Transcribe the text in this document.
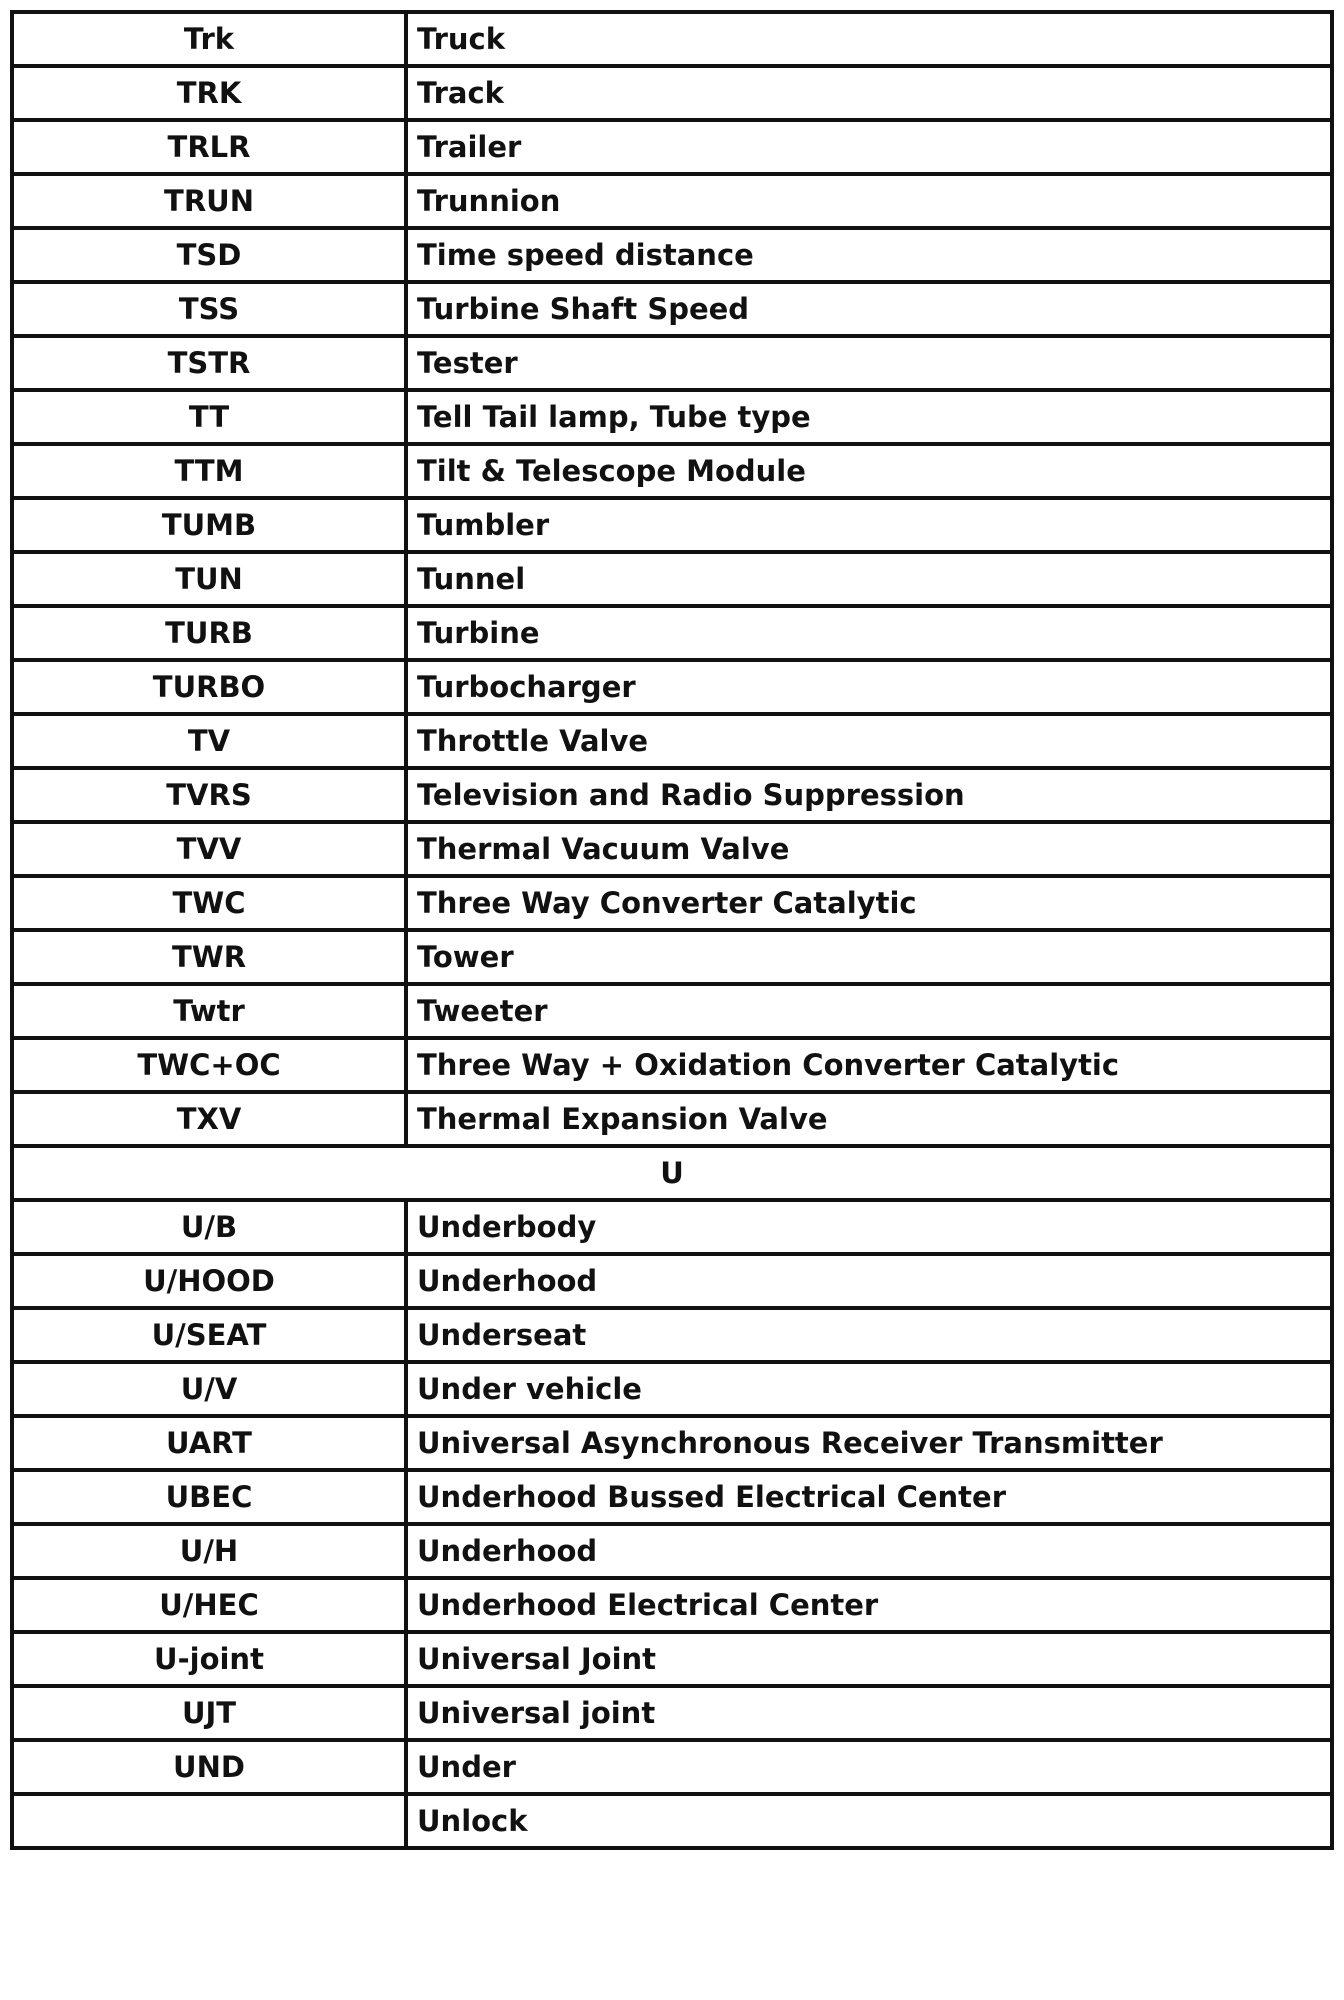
Trk	Truck
TRK	Track
TRLR	Trailer
TRUN	Trunnion
TSD	Time speed distance
TSS	Turbine Shaft Speed
TSTR	Tester
TT	Tell Tail lamp, Tube type
TTM	Tilt & Telescope Module
TUMB	Tumbler
TUN	Tunnel
TURB	Turbine
TURBO	Turbocharger
TV	Throttle Valve
TVRS	Television and Radio Suppression
TVV	Thermal Vacuum Valve
TWC	Three Way Converter Catalytic
TWR	Tower
Twtr	Tweeter
TWC+OC	Three Way + Oxidation Converter Catalytic
TXV	Thermal Expansion Valve
U	
U/B	Underbody
U/HOOD	Underhood
U/SEAT	Underseat
U/V	Under vehicle
UART	Universal Asynchronous Receiver Transmitter
UBEC	Underhood Bussed Electrical Center
U/H	Underhood
U/HEC	Underhood Electrical Center
U-joint	Universal Joint
UJT	Universal joint
UND	Under
	Unlock
